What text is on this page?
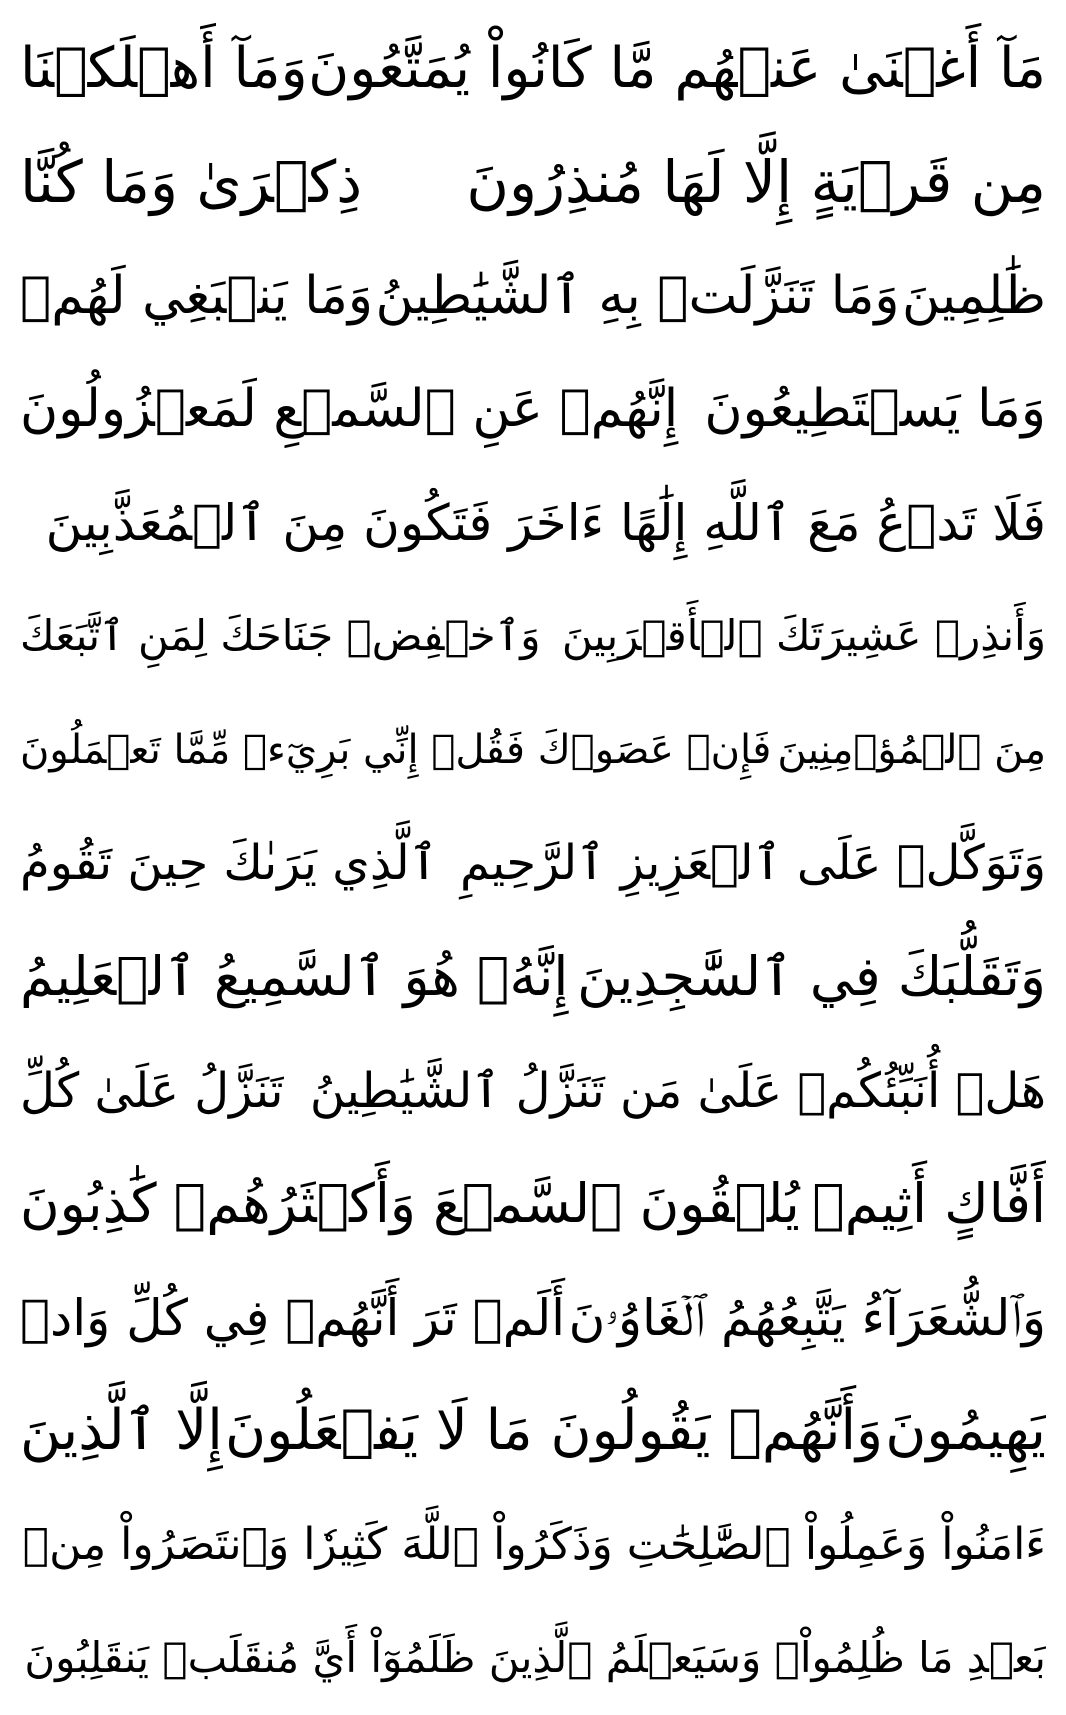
مَآ أَغۡنَىٰ عَنۡهُم مَّا كَانُواْ يُمَتَّعُونَ
وَمَآ أَهۡلَكۡنَا
مِن قَرۡيَةٍ إِلَّا لَهَا مُنذِرُونَ
ذِكۡرَىٰ وَمَا كُنَّا
ظَٰلِمِينَ
وَمَا تَنَزَّلَتۡ بِهِ ٱلشَّيَٰطِينُ
وَمَا يَنۢبَغِي لَهُمۡ
وَمَا يَسۡتَطِيعُونَ
إِنَّهُمۡ عَنِ ٱلسَّمۡعِ لَمَعۡزُولُونَ
فَلَا تَدۡعُ مَعَ ٱللَّهِ إِلَٰهًا ءَاخَرَ فَتَكُونَ مِنَ ٱلۡمُعَذَّبِينَ
وَأَنذِرۡ عَشِيرَتَكَ ٱلۡأَقۡرَبِينَ
وَٱخۡفِضۡ جَنَاحَكَ لِمَنِ ٱتَّبَعَكَ
مِنَ ٱلۡمُؤۡمِنِينَ
فَإِنۡ عَصَوۡكَ فَقُلۡ إِنِّي بَرِيٓءٞ مِّمَّا تَعۡمَلُونَ
وَتَوَكَّلۡ عَلَى ٱلۡعَزِيزِ ٱلرَّحِيمِ
ٱلَّذِي يَرَىٰكَ حِينَ تَقُومُ
وَتَقَلُّبَكَ فِي ٱلسَّٰجِدِينَ
إِنَّهُۥ هُوَ ٱلسَّمِيعُ ٱلۡعَلِيمُ
هَلۡ أُنَبِّئُكُمۡ عَلَىٰ مَن تَنَزَّلُ ٱلشَّيَٰطِينُ
تَنَزَّلُ عَلَىٰ كُلِّ
أَفَّاكٍ أَثِيمٖ
يُلۡقُونَ ٱلسَّمۡعَ وَأَكۡثَرُهُمۡ كَٰذِبُونَ
وَٱلشُّعَرَآءُ يَتَّبِعُهُمُ ٱلۡغَاوُۥنَ
أَلَمۡ تَرَ أَنَّهُمۡ فِي كُلِّ وَادٖ
يَهِيمُونَ
وَأَنَّهُمۡ يَقُولُونَ مَا لَا يَفۡعَلُونَ
إِلَّا ٱلَّذِينَ
ءَامَنُواْ وَعَمِلُواْ ٱلصَّٰلِحَٰتِ وَذَكَرُواْ ٱللَّهَ كَثِيرٗا وَٱنتَصَرُواْ مِنۢ
بَعۡدِ مَا ظُلِمُواْۗ وَسَيَعۡلَمُ ٱلَّذِينَ ظَلَمُوٓاْ أَيَّ مُنقَلَبٖ يَنقَلِبُونَ
